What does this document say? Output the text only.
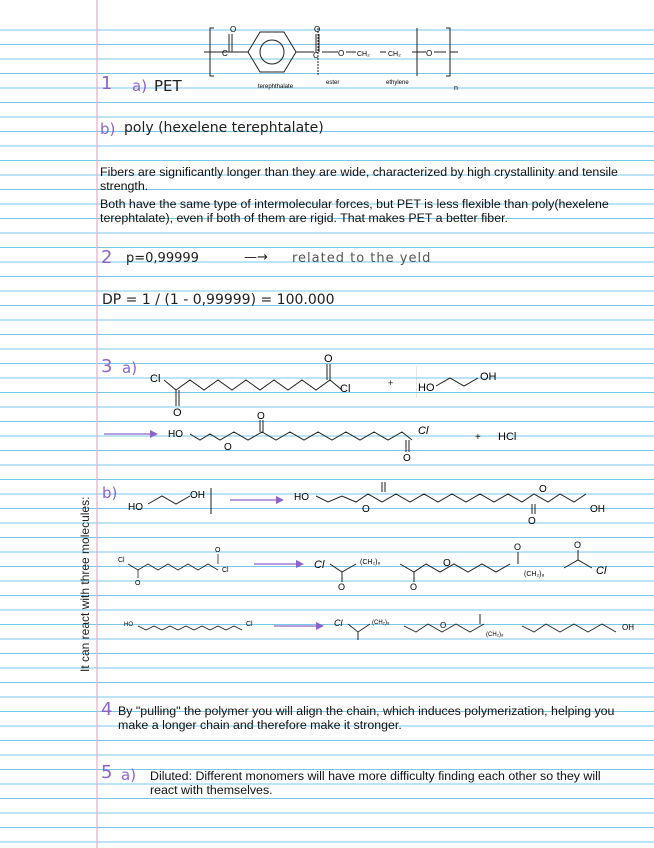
O
C
O
C O CH₂	CH₂	O
terephthalate
ester	ethylene
n
1 a) PET
b) poly (hexelene terephtalate)
Fibers are significantly longer than they are wide, characterized by high crystallinity and tensile strength.
Both have the same type of intermolecular forces, but PET is less flexible than poly(hexelene terephtalate), even if both of them are rigid. That makes PET a better fiber.
2 p=0,99999	—→ related to the yeld
DP = 1 / (1 - 0,99999) = 100.000
3 a)
Cl
O
O
Cl	+ HO
OH
HO
O
O
O
Cl
+ HCl
It can react with three molecules:
b)
HO
OH	HO
O
O
O
OH
Cl
O
O
Cl	Cl
O
(CH₂)₈
O
O
O
(CH₂)₈
O
Cl
HO	Cl	Cl	(CH₂)₈	O
(CH₂)₈
OH
4 By "pulling" the polymer you will align the chain, which induces polymerization, helping you make a longer chain and therefore make it stronger.
5 a) Diluted: Different monomers will have more difficulty finding each other so they will react with themselves.
